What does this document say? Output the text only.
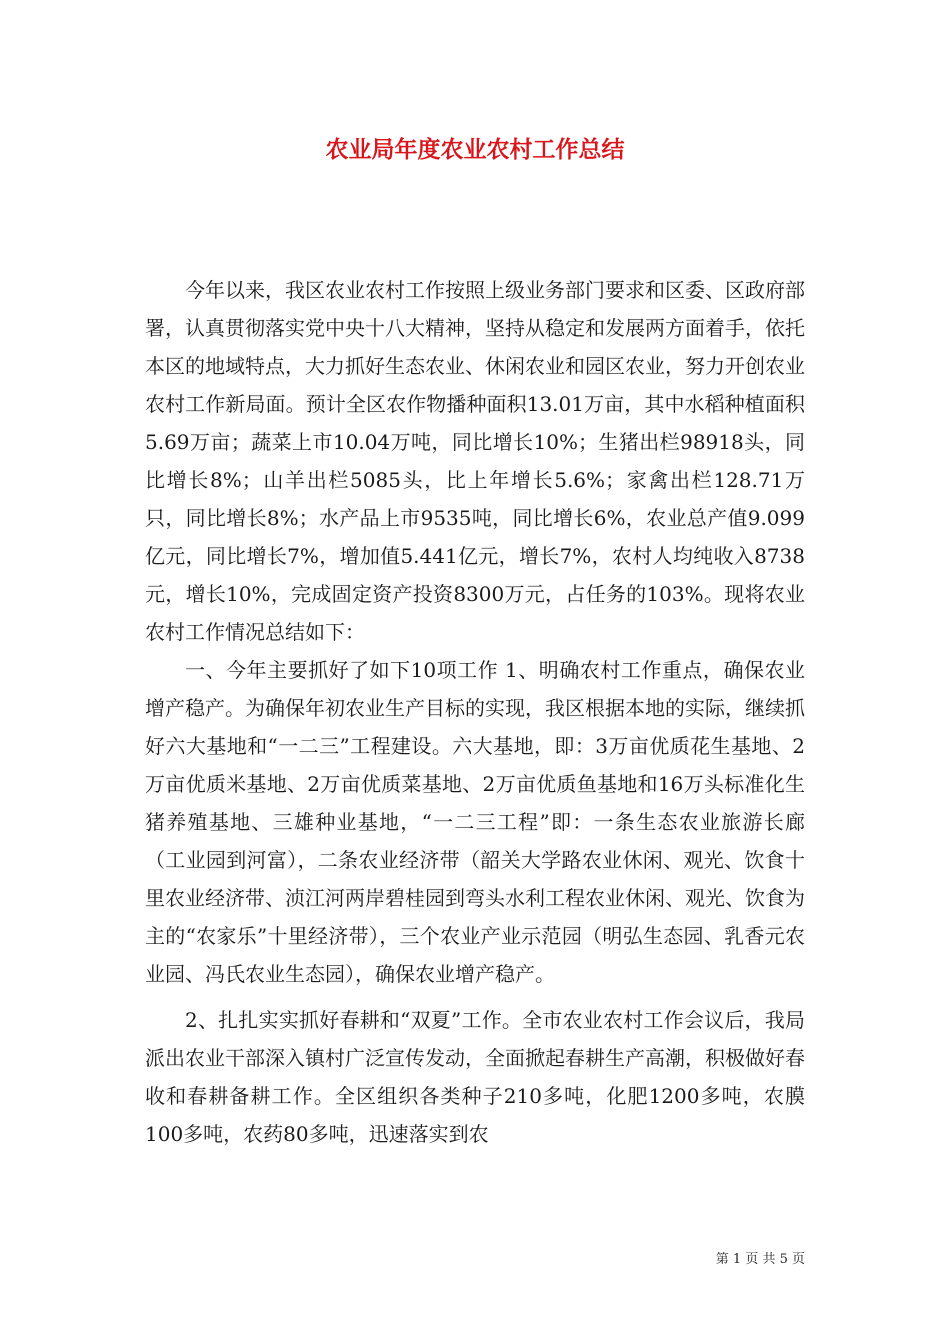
农业局年度农业农村工作总结

今年以来，我区农业农村工作按照上级业务部门要求和区委、区政府部署，认真贯彻落实党中央十八大精神，坚持从稳定和发展两方面着手，依托本区的地域特点，大力抓好生态农业、休闲农业和园区农业，努力开创农业农村工作新局面。预计全区农作物播种面积13.01万亩，其中水稻种植面积5.69万亩；蔬菜上市10.04万吨，同比增长10%；生猪出栏98918头，同比增长8%；山羊出栏5085头，比上年增长5.6%；家禽出栏128.71万只，同比增长8%；水产品上市9535吨，同比增长6%，农业总产值9.099亿元，同比增长7%，增加值5.441亿元，增长7%，农村人均纯收入8738元，增长10%，完成固定资产投资8300万元，占任务的103%。现将农业农村工作情况总结如下：

一、今年主要抓好了如下10项工作 1、明确农村工作重点，确保农业增产稳产。为确保年初农业生产目标的实现，我区根据本地的实际，继续抓好六大基地和“一二三”工程建设。六大基地，即：3万亩优质花生基地、2万亩优质米基地、2万亩优质菜基地、2万亩优质鱼基地和16万头标准化生猪养殖基地、三雄种业基地，“一二三工程”即：一条生态农业旅游长廊（工业园到河富），二条农业经济带（韶关大学路农业休闲、观光、饮食十里农业经济带、浈江河两岸碧桂园到弯头水利工程农业休闲、观光、饮食为主的“农家乐”十里经济带），三个农业产业示范园（明弘生态园、乳香元农业园、冯氏农业生态园），确保农业增产稳产。

2、扎扎实实抓好春耕和“双夏”工作。全市农业农村工作会议后，我局派出农业干部深入镇村广泛宣传发动，全面掀起春耕生产高潮，积极做好春收和春耕备耕工作。全区组织各类种子210多吨，化肥1200多吨，农膜100多吨，农药80多吨，迅速落实到农

第 1 页 共 5 页
